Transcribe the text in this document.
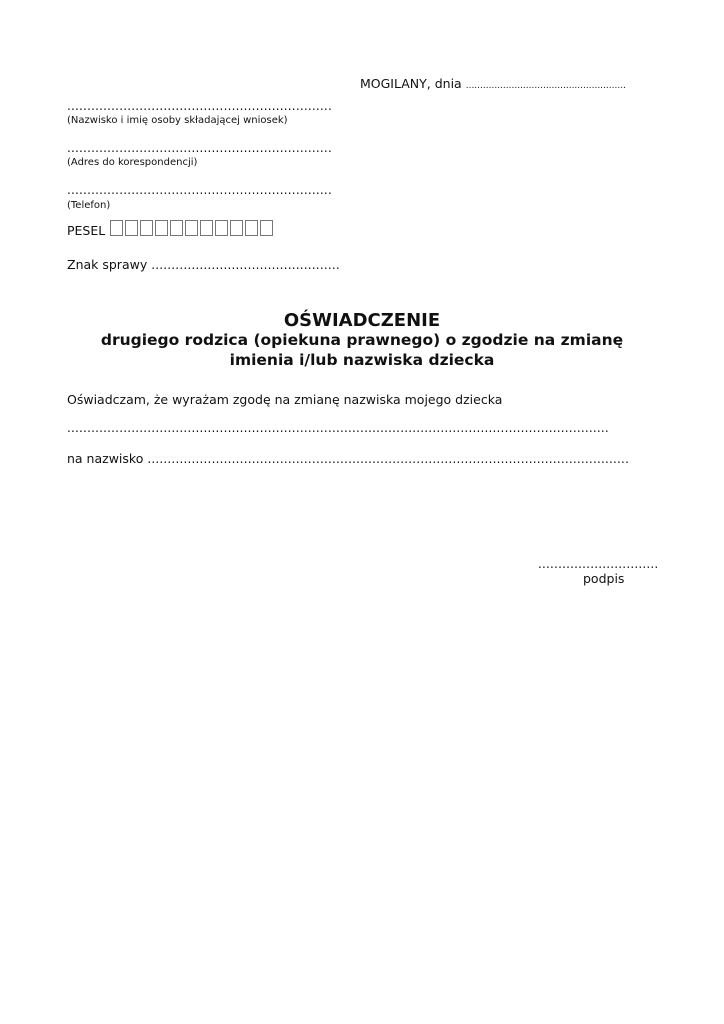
MOGILANY, dnia ........................................................
..................................................................
(Nazwisko i imię osoby składającej wniosek)
..................................................................
(Adres do korespondencji)
..................................................................
(Telefon)
PESEL
Znak sprawy ...............................................
OŚWIADCZENIE
drugiego rodzica (opiekuna prawnego) o zgodzie na zmianę
imienia i/lub nazwiska dziecka
Oświadczam, że wyrażam zgodę na zmianę nazwiska mojego dziecka
.......................................................................................................................................
na nazwisko ........................................................................................................................
..............................
podpis
